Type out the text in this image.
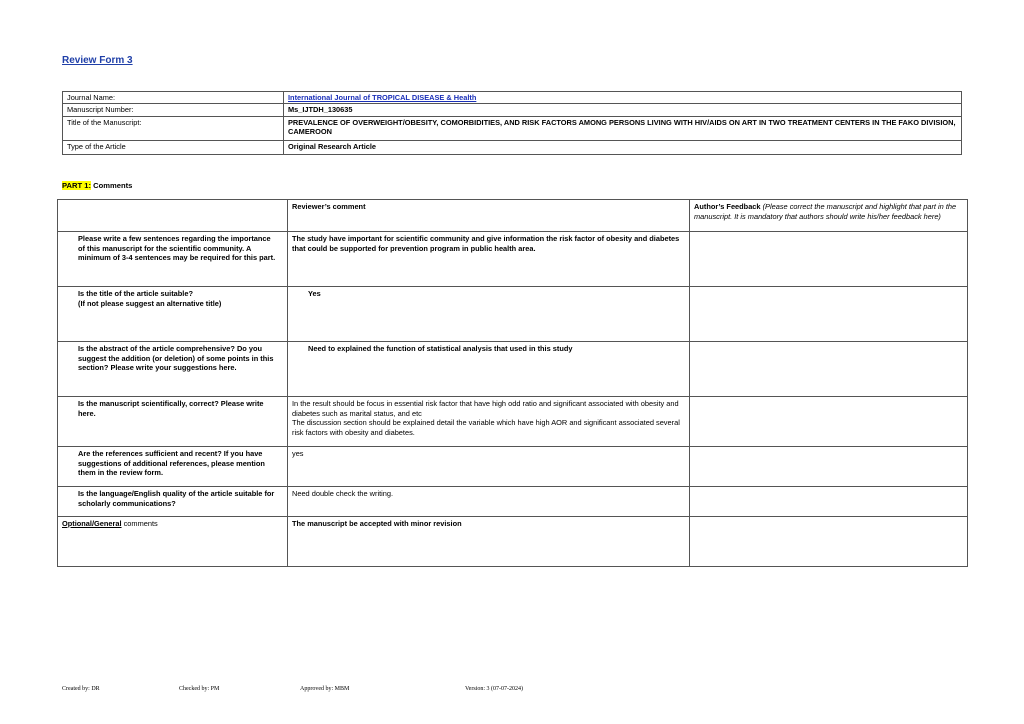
Review Form 3
Journal Name:	International Journal of TROPICAL DISEASE & Health
Manuscript Number:	Ms_IJTDH_130635
Title of the Manuscript:	PREVALENCE OF OVERWEIGHT/OBESITY, COMORBIDITIES, AND RISK FACTORS AMONG PERSONS LIVING WITH HIV/AIDS ON ART IN TWO TREATMENT CENTERS IN THE FAKO DIVISION, CAMEROON
Type of the Article	Original Research Article

PART 1: Comments

	Reviewer’s comment	Author’s Feedback (Please correct the manuscript and highlight that part in the manuscript. It is mandatory that authors should write his/her feedback here)
Please write a few sentences regarding the importance of this manuscript for the scientific community. A minimum of 3-4 sentences may be required for this part.	The study have important for scientific community and give information the risk factor of obesity and diabetes that could be supported for prevention program in public health area.	

Is the title of the article suitable?
(If not please suggest an alternative title)	Yes	
Is the abstract of the article comprehensive? Do you suggest the addition (or deletion) of some points in this section? Please write your suggestions here.	Need to explained the function of statistical analysis that used in this study	
Is the manuscript scientifically, correct? Please write here.	In the result should be focus in essential risk factor that have high odd ratio and significant associated with obesity and diabetes such as marital status, and etc
The discussion section should be explained detail the variable which have high AOR and significant associated several risk factors with obesity and diabetes.	

Are the references sufficient and recent? If you have suggestions of additional references, please mention them in the review form.	yes	
Is the language/English quality of the article suitable for scholarly communications?	Need double check the writing.	
Optional/General comments	The manuscript be accepted with minor revision	
Created by: DR	Checked by: PM	Approved by: MBM	Version: 3 (07-07-2024)
